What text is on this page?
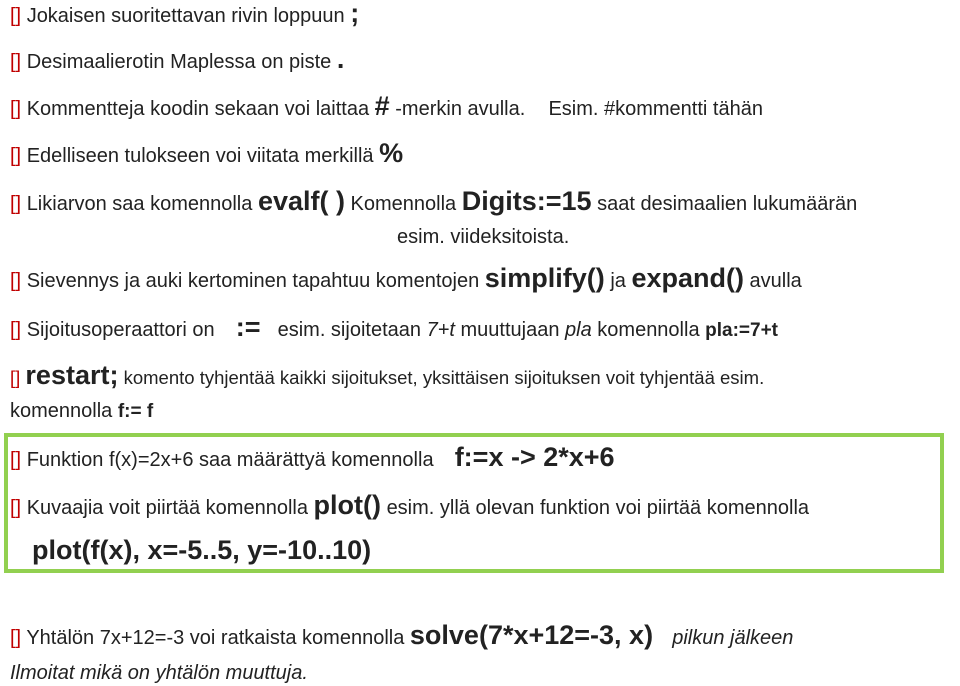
[] Jokaisen suoritettavan rivin loppuun ;
[] Desimaalierotin Maplessa on piste .
[] Kommentteja koodin sekaan voi laittaa # -merkin avulla. Esim. #kommentti tähän
[] Edelliseen tulokseen voi viitata merkillä %
[] Likiarvon saa komennolla evalf( ) Komennolla Digits:=15 saat desimaalien lukumäärän
esim. viideksitoista.
[] Sievennys ja auki kertominen tapahtuu komentojen simplify() ja expand() avulla
[] Sijoitusoperaattori on := esim. sijoitetaan 7+t muuttujaan pla komennolla pla:=7+t
[] restart; komento tyhjentää kaikki sijoitukset, yksittäisen sijoituksen voit tyhjentää esim.
komennolla f:= f
[] Funktion f(x)=2x+6 saa määrättyä komennolla f:=x -> 2*x+6
[] Kuvaajia voit piirtää komennolla plot() esim. yllä olevan funktion voi piirtää komennolla
plot(f(x), x=-5..5, y=-10..10)
[] Yhtälön 7x+12=-3 voi ratkaista komennolla solve(7*x+12=-3, x) pilkun jälkeen
Ilmoitat mikä on yhtälön muuttuja.
